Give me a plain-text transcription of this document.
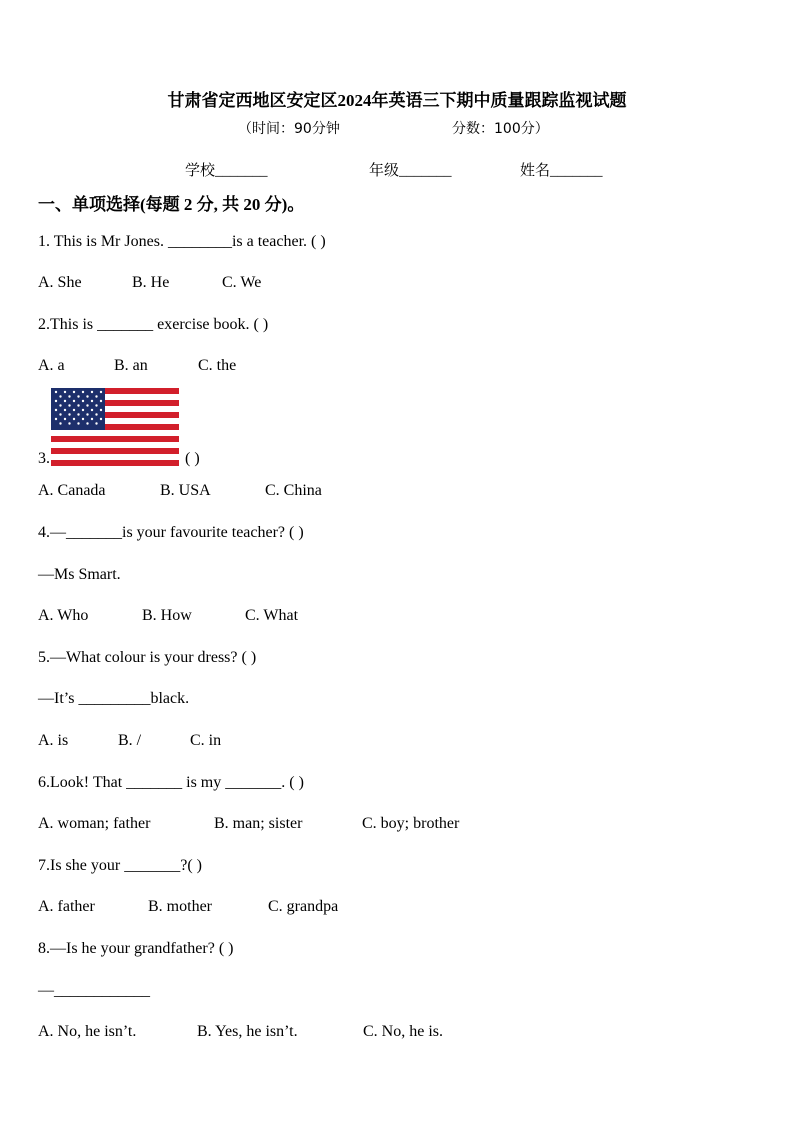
甘肃省定西地区安定区2024年英语三下期中质量跟踪监视试题
（时间：90分钟	分数：100分）
学校_______	年级_______	姓名_______
一、单项选择(每题 2 分, 共 20 分)。
1. This is Mr Jones. ________is a teacher. ( )
A. She	B. He	C. We
2.This is _______ exercise book. ( )
A. a	B. an	C. the
3.	( )
A. Canada	B. USA	C. China
4.—_______is your favourite teacher? ( )
—Ms Smart.
A. Who	B. How	C. What
5.—What colour is your dress? ( )
—It’s _________black.
A. is	B. /	C. in
6.Look! That _______ is my _______. ( )
A. woman; father	B. man; sister	C. boy; brother
7.Is she your _______?( )
A. father	B. mother	C. grandpa
8.—Is he your grandfather? ( )
—____________
A. No, he isn’t.	B. Yes, he isn’t.	C. No, he is.
